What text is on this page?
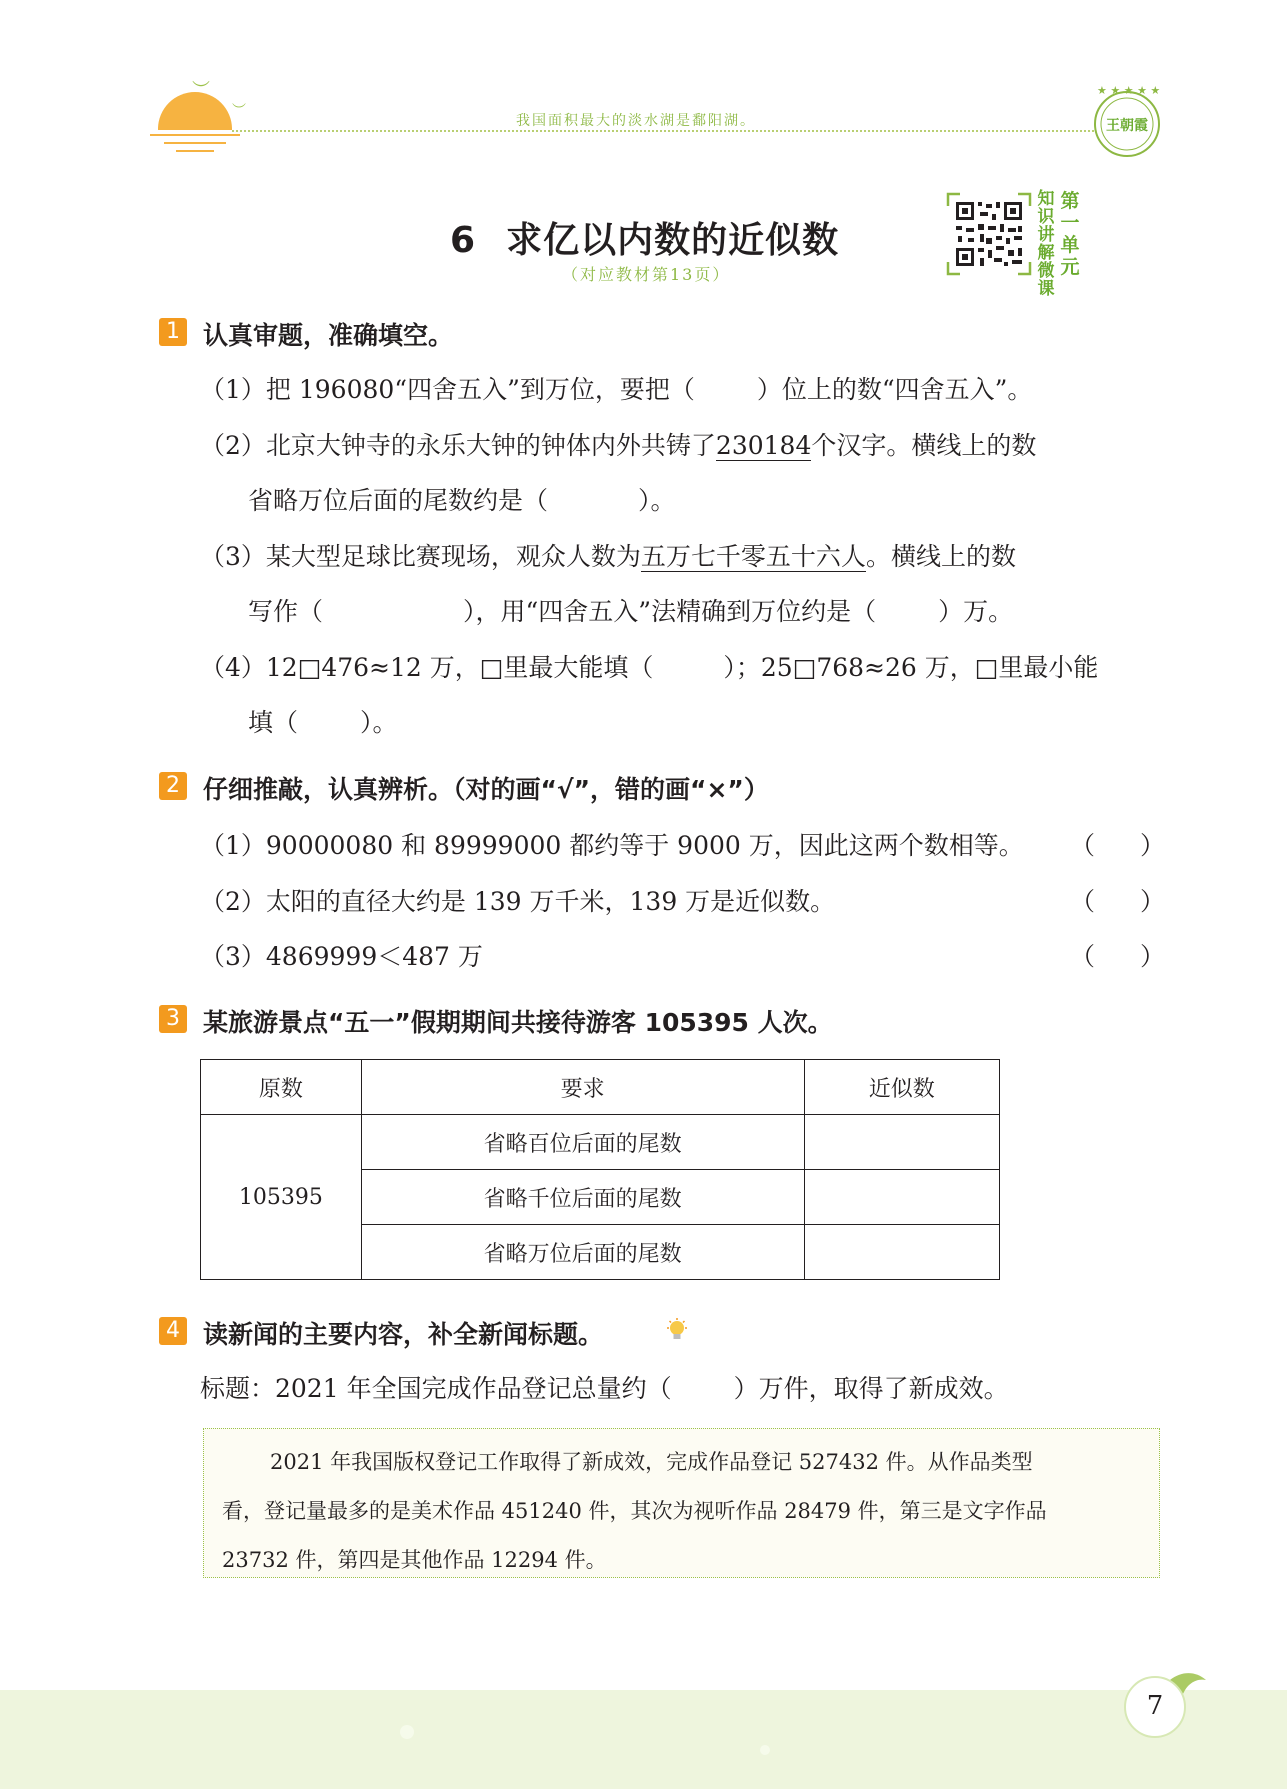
︶
︶
我国面积最大的淡水湖是鄱阳湖。
★ ★ ★ ★ ★
王朝霞
6 求亿以内数的近似数
（对应教材第13页）
知识讲解微课
第一单元
1 认真审题，准确填空。
（1）把 196080“四舍五入”到万位，要把（ ）位上的数“四舍五入”。
（2）北京大钟寺的永乐大钟的钟体内外共铸了230184个汉字。横线上的数
省略万位后面的尾数约是（	）。
（3）某大型足球比赛现场，观众人数为五万七千零五十六人。横线上的数
写作（	），用“四舍五入”法精确到万位约是（ ）万。
（4）12□476≈12 万，□里最大能填（	）；25□768≈26 万，□里最小能
填（ ）。
2 仔细推敲，认真辨析。（对的画“√”，错的画“×”）
（1）90000080 和 89999000 都约等于 9000 万，因此这两个数相等。 （ ）
（2）太阳的直径大约是 139 万千米，139 万是近似数。	（ ）
（3）4869999＜487 万	（ ）
3 某旅游景点“五一”假期期间共接待游客 105395 人次。
原数	要求	近似数
105395	省略百位后面的尾数	
	省略千位后面的尾数	
	省略万位后面的尾数	
4 读新闻的主要内容，补全新闻标题。
标题：2021 年全国完成作品登记总量约（ ）万件，取得了新成效。

2021 年我国版权登记工作取得了新成效，完成作品登记 527432 件。从作品类型

看，登记量最多的是美术作品 451240 件，其次为视听作品 28479 件，第三是文字作品

23732 件，第四是其他作品 12294 件。

7
